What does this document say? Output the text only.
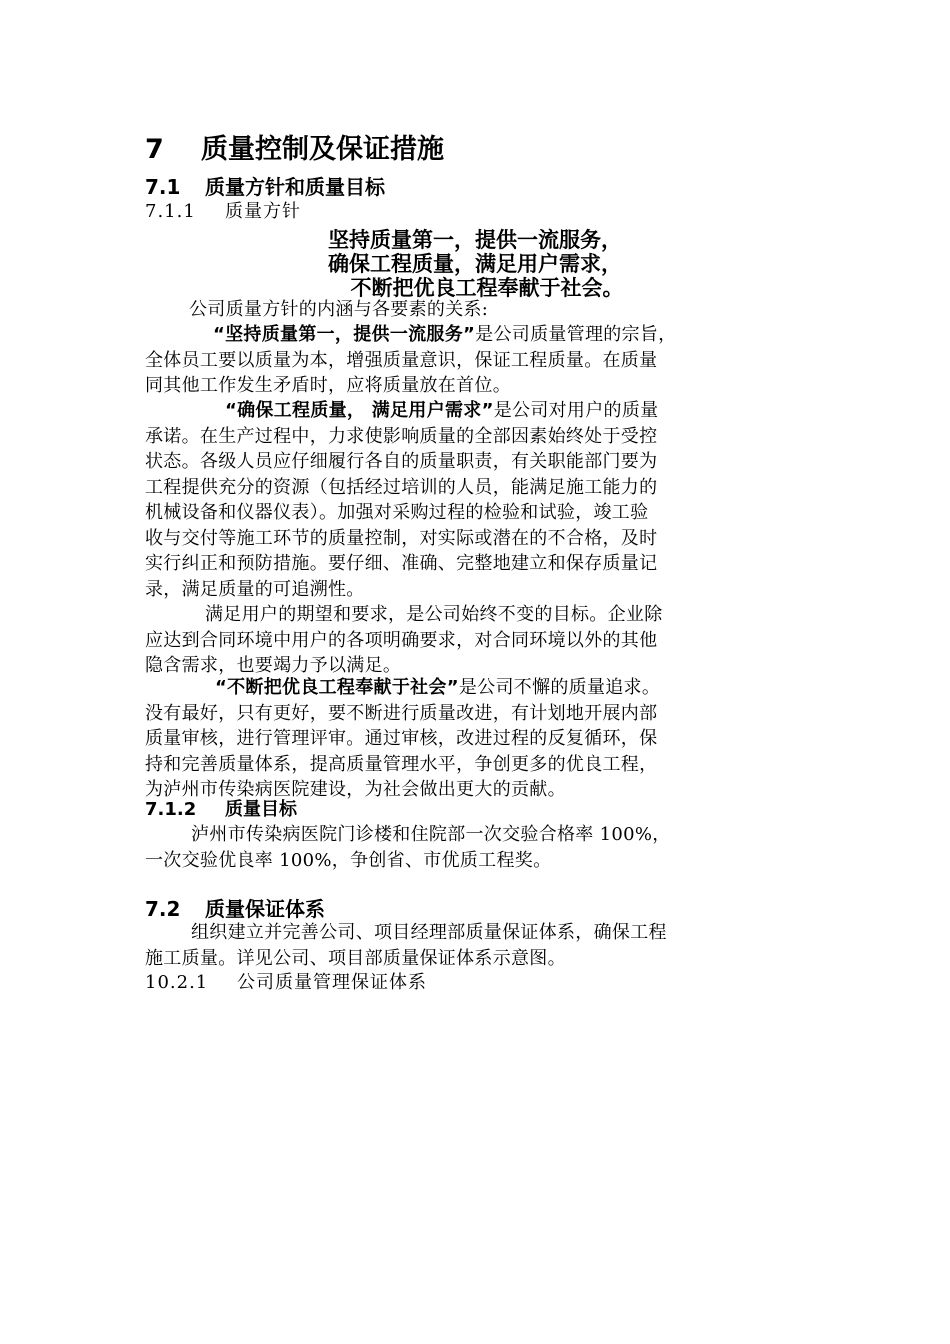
7 质量控制及保证措施
7.1 质量方针和质量目标
7.1.1 质量方针
坚持质量第一，提供一流服务，
确保工程质量，满足用户需求，
不断把优良工程奉献于社会。
公司质量方针的内涵与各要素的关系:
“坚持质量第一，提供一流服务”是公司质量管理的宗旨，
全体员工要以质量为本，增强质量意识，保证工程质量。在质量
同其他工作发生矛盾时，应将质量放在首位。
“确保工程质量， 满足用户需求”是公司对用户的质量
承诺。在生产过程中，力求使影响质量的全部因素始终处于受控
状态。各级人员应仔细履行各自的质量职责，有关职能部门要为
工程提供充分的资源（包括经过培训的人员，能满足施工能力的
机械设备和仪器仪表）。加强对采购过程的检验和试验，竣工验
收与交付等施工环节的质量控制，对实际或潜在的不合格，及时
实行纠正和预防措施。要仔细、准确、完整地建立和保存质量记
录，满足质量的可追溯性。
满足用户的期望和要求，是公司始终不变的目标。企业除
应达到合同环境中用户的各项明确要求，对合同环境以外的其他
隐含需求，也要竭力予以满足。
“不断把优良工程奉献于社会”是公司不懈的质量追求。
没有最好，只有更好，要不断进行质量改进，有计划地开展内部
质量审核，进行管理评审。通过审核，改进过程的反复循环，保
持和完善质量体系，提高质量管理水平，争创更多的优良工程，
为泸州市传染病医院建设，为社会做出更大的贡献。
7.1.2 质量目标
泸州市传染病医院门诊楼和住院部一次交验合格率 100%，
一次交验优良率 100%，争创省、市优质工程奖。
7.2 质量保证体系
组织建立并完善公司、项目经理部质量保证体系，确保工程
施工质量。详见公司、项目部质量保证体系示意图。
10.2.1 公司质量管理保证体系
